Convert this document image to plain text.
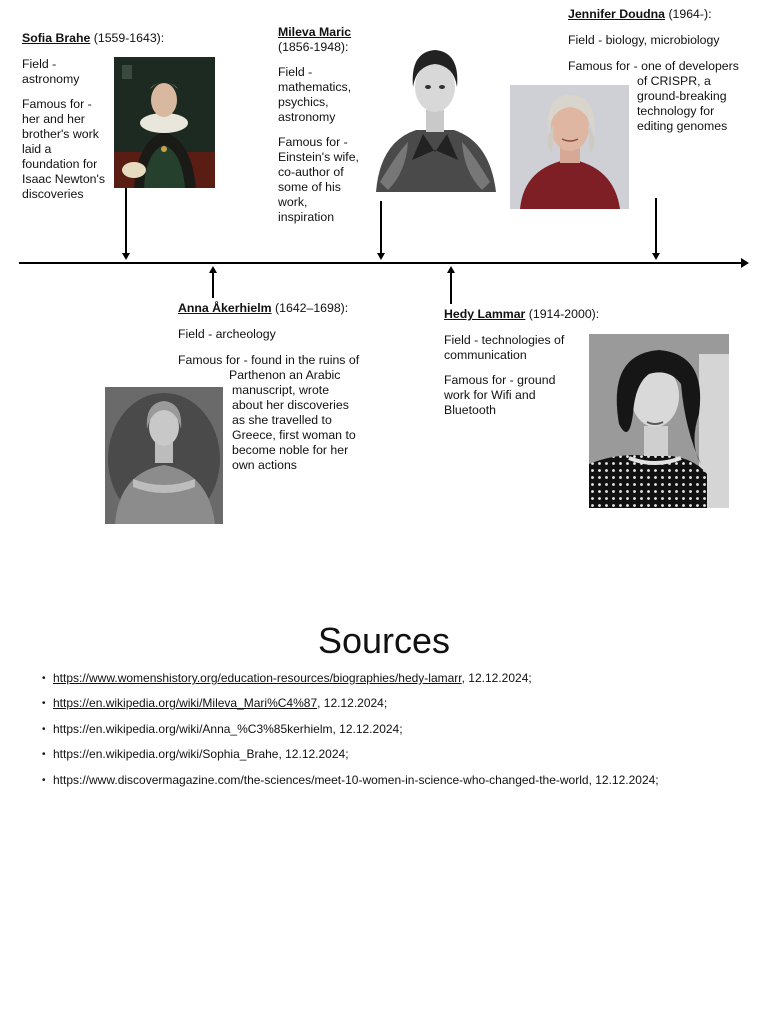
Sofia Brahe (1559-1643):

Field - astronomy

Famous for - her and her brother's work laid a foundation for Isaac Newton's discoveries

Mileva Maric

(1856-1948):

Field - mathematics, psychics, astronomy

Famous for - Einstein's wife, co-author of some of his work, inspiration

Jennifer Doudna (1964-):

Field - biology, microbiology

Famous for - one of developers

of CRISPR, a ground-breaking technology for editing genomes

Anna Åkerhielm (1642–1698):

Field - archeology

Famous for - found in the ruins of

Parthenon an Arabic

manuscript, wrote about her discoveries as she travelled to Greece, first woman to become noble for her own actions

Hedy Lammar (1914-2000):

Field - technologies of communication

Famous for - ground work for Wifi and Bluetooth

Sources
• https://www.womenshistory.org/education-resources/biographies/hedy-lamarr, 12.12.2024;
• https://en.wikipedia.org/wiki/Mileva_Mari%C4%87, 12.12.2024;
• https://en.wikipedia.org/wiki/Anna_%C3%85kerhielm, 12.12.2024;
• https://en.wikipedia.org/wiki/Sophia_Brahe, 12.12.2024;
• https://www.discovermagazine.com/the-sciences/meet-10-women-in-science-who-changed-the-world, 12.12.2024;
